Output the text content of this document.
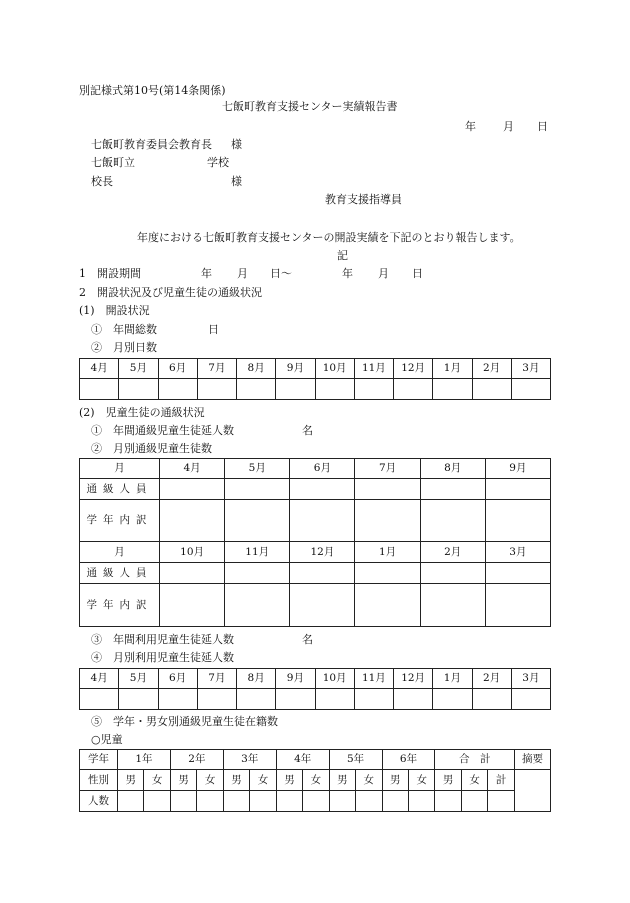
別記様式第10号(第14条関係)
七飯町教育支援センター実績報告書
年 月 日
七飯町教育委員会教育長 様
七飯町立	学校
校長	様
教育支援指導員
年度における七飯町教育支援センターの開設実績を下記のとおり報告します。
記
1　開設期間	年 月 日～	年 月 日
2　開設状況及び児童生徒の通級状況
(1)　開設状況
①　年間総数	日
②　月別日数
4月	5月	6月	7月	8月	9月	10月	11月	12月	1月	2月	3月

(2)　児童生徒の通級状況
①　年間通級児童生徒延人数	名
②　月別通級児童生徒数
月	4月	5月	6月	7月	8月	9月
通級人員						
学年内訳						
月	10月	11月	12月	1月	2月	3月
通級人員						
学年内訳						
③　年間利用児童生徒延人数	名
④　月別利用児童生徒延人数
4月	5月	6月	7月	8月	9月	10月	11月	12月	1月	2月	3月

⑤　学年・男女別通級児童生徒在籍数
○児童
学年	1年		2年		3年		4年		5年		6年		合　計			摘要
性別	男	女	男	女	男	女	男	女	男	女	男	女	男	女	計	
人数																
